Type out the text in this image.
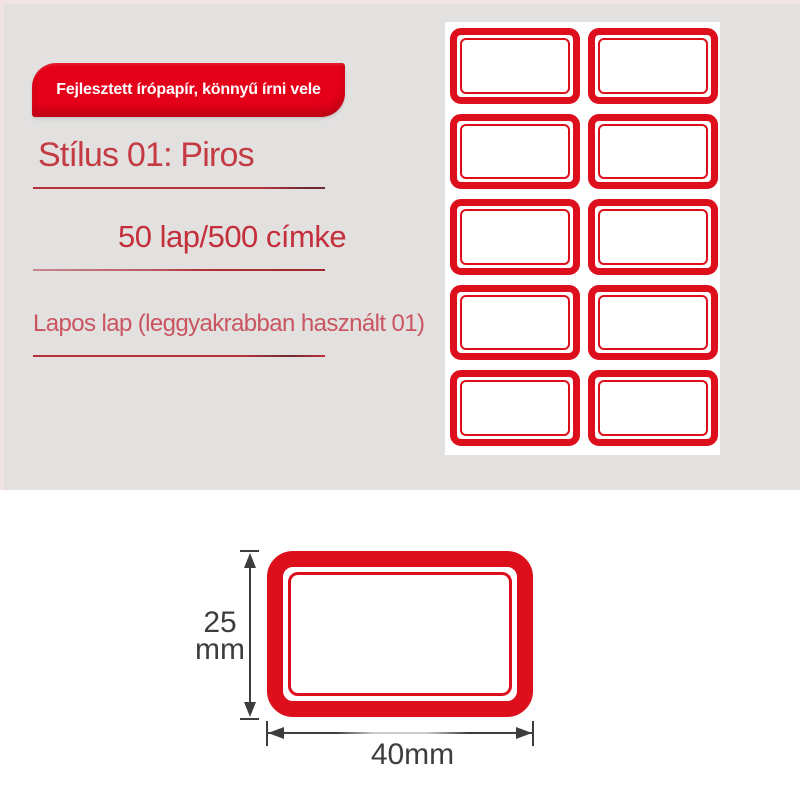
Fejlesztett írópapír, könnyű írni vele
Stílus 01: Piros
50 lap/500 címke
Lapos lap (leggyakrabban használt 01)
25
mm
40mm
